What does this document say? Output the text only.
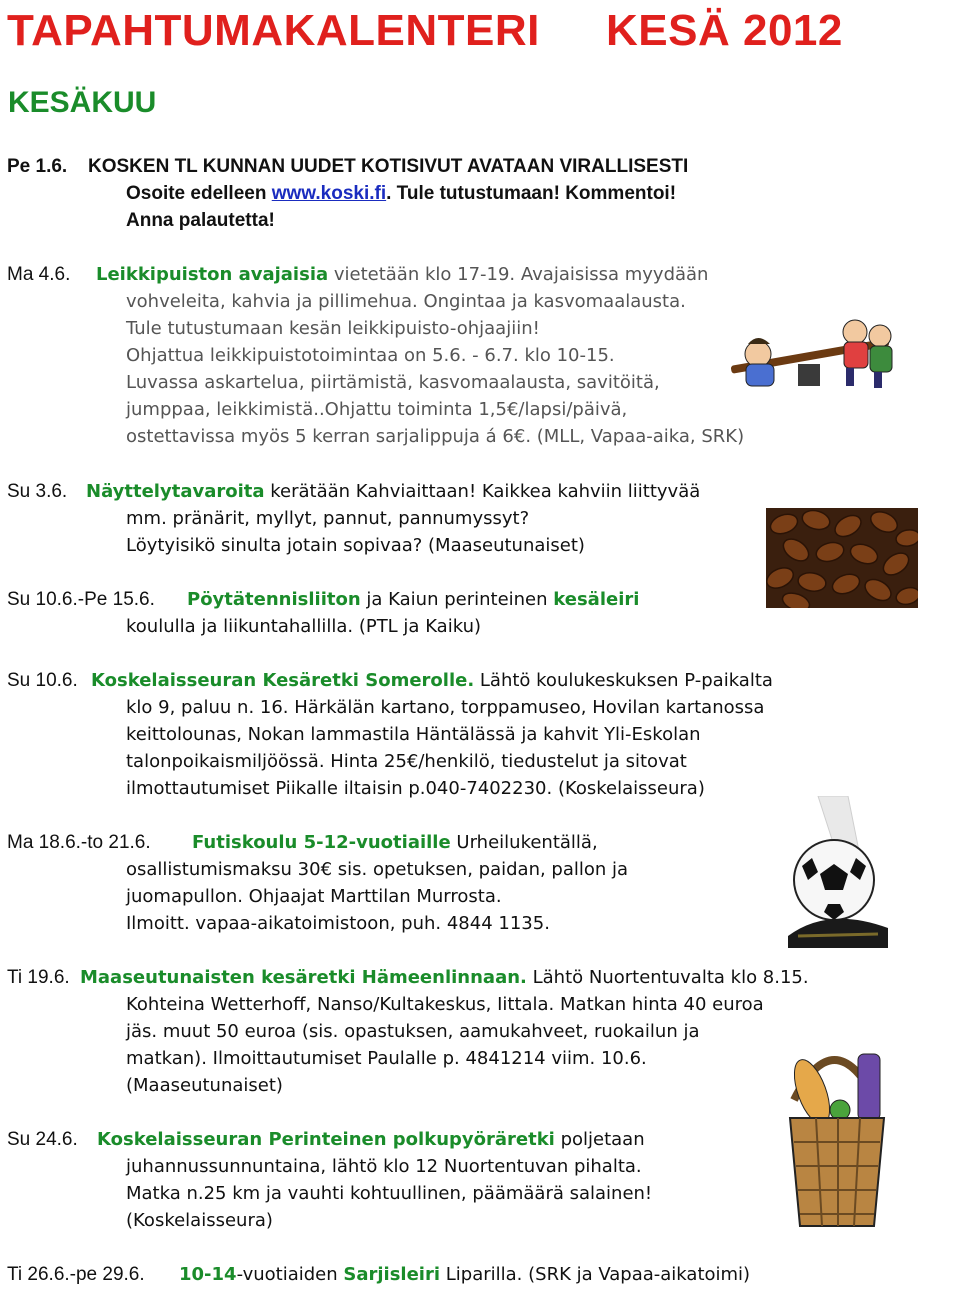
TAPAHTUMAKALENTERI KESÄ 2012
KESÄKUU
Pe 1.6. KOSKEN TL KUNNAN UUDET KOTISIVUT AVATAAN VIRALLISESTI
Osoite edelleen www.koski.fi. Tule tutustumaan! Kommentoi!
Anna palautetta!
Ma 4.6. Leikkipuiston avajaisia vietetään klo 17-19. Avajaisissa myydään
vohveleita, kahvia ja pillimehua. Ongintaa ja kasvomaalausta.
Tule tutustumaan kesän leikkipuisto-ohjaajiin!
Ohjattua leikkipuistotoimintaa on 5.6. - 6.7. klo 10-15.
Luvassa askartelua, piirtämistä, kasvomaalausta, savitöitä,
jumppaa, leikkimistä..Ohjattu toiminta 1,5€/lapsi/päivä,
ostettavissa myös 5 kerran sarjalippuja á 6€. (MLL, Vapaa-aika, SRK)
Su 3.6. Näyttelytavaroita kerätään Kahviaittaan! Kaikkea kahviin liittyvää
mm. pränärit, myllyt, pannut, pannumyssyt?
Löytyisikö sinulta jotain sopivaa? (Maaseutunaiset)
Su 10.6.-Pe 15.6. Pöytätennisliiton ja Kaiun perinteinen kesäleiri
koululla ja liikuntahallilla. (PTL ja Kaiku)
Su 10.6. Koskelaisseuran Kesäretki Somerolle. Lähtö koulukeskuksen P-paikalta
klo 9, paluu n. 16. Härkälän kartano, torppamuseo, Hovilan kartanossa
keittolounas, Nokan lammastila Häntälässä ja kahvit Yli-Eskolan
talonpoikaismiljöössä. Hinta 25€/henkilö, tiedustelut ja sitovat
ilmottautumiset Piikalle iltaisin p.040-7402230. (Koskelaisseura)
Ma 18.6.-to 21.6. Futiskoulu 5-12-vuotiaille Urheilukentällä,
osallistumismaksu 30€ sis. opetuksen, paidan, pallon ja
juomapullon. Ohjaajat Marttilan Murrosta.
Ilmoitt. vapaa-aikatoimistoon, puh. 4844 1135.
Ti 19.6. Maaseutunaisten kesäretki Hämeenlinnaan. Lähtö Nuortentuvalta klo 8.15.
Kohteina Wetterhoff, Nanso/Kultakeskus, Iittala. Matkan hinta 40 euroa
jäs. muut 50 euroa (sis. opastuksen, aamukahveet, ruokailun ja
matkan). Ilmoittautumiset Paulalle p. 4841214 viim. 10.6.
(Maaseutunaiset)
Su 24.6. Koskelaisseuran Perinteinen polkupyöräretki poljetaan
juhannussunnuntaina, lähtö klo 12 Nuortentuvan pihalta.
Matka n.25 km ja vauhti kohtuullinen, päämäärä salainen!
(Koskelaisseura)
Ti 26.6.-pe 29.6. 10-14-vuotiaiden Sarjisleiri Liparilla. (SRK ja Vapaa-aikatoimi)
